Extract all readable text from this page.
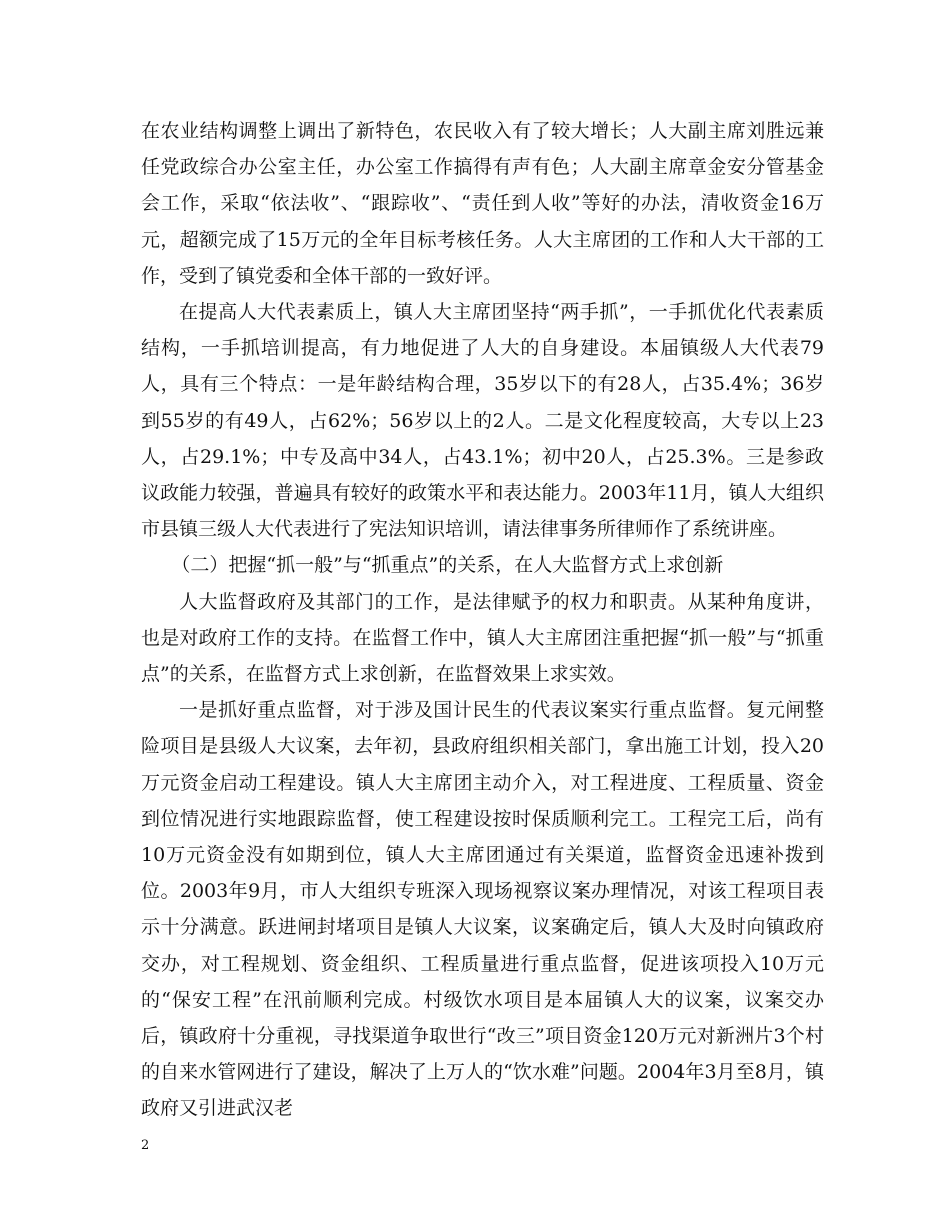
在农业结构调整上调出了新特色，农民收入有了较大增长；人大副主席刘胜远兼任党政综合办公室主任，办公室工作搞得有声有色；人大副主席章金安分管基金会工作，采取“依法收”、“跟踪收”、“责任到人收”等好的办法，清收资金16万元，超额完成了15万元的全年目标考核任务。人大主席团的工作和人大干部的工作，受到了镇党委和全体干部的一致好评。

在提高人大代表素质上，镇人大主席团坚持“两手抓”，一手抓优化代表素质结构，一手抓培训提高，有力地促进了人大的自身建设。本届镇级人大代表79人，具有三个特点：一是年龄结构合理，35岁以下的有28人，占35.4%；36岁到55岁的有49人，占62%；56岁以上的2人。二是文化程度较高，大专以上23人，占29.1%；中专及高中34人，占43.1%；初中20人，占25.3%。三是参政议政能力较强，普遍具有较好的政策水平和表达能力。2003年11月，镇人大组织市县镇三级人大代表进行了宪法知识培训，请法律事务所律师作了系统讲座。

（二）把握“抓一般”与“抓重点”的关系，在人大监督方式上求创新

人大监督政府及其部门的工作，是法律赋予的权力和职责。从某种角度讲，也是对政府工作的支持。在监督工作中，镇人大主席团注重把握“抓一般”与“抓重点”的关系，在监督方式上求创新，在监督效果上求实效。

一是抓好重点监督，对于涉及国计民生的代表议案实行重点监督。复元闸整险项目是县级人大议案，去年初，县政府组织相关部门，拿出施工计划，投入20万元资金启动工程建设。镇人大主席团主动介入，对工程进度、工程质量、资金到位情况进行实地跟踪监督，使工程建设按时保质顺利完工。工程完工后，尚有10万元资金没有如期到位，镇人大主席团通过有关渠道，监督资金迅速补拨到位。2003年9月，市人大组织专班深入现场视察议案办理情况，对该工程项目表示十分满意。跃进闸封堵项目是镇人大议案，议案确定后，镇人大及时向镇政府交办，对工程规划、资金组织、工程质量进行重点监督，促进该项投入10万元的“保安工程”在汛前顺利完成。村级饮水项目是本届镇人大的议案，议案交办后，镇政府十分重视，寻找渠道争取世行“改三”项目资金120万元对新洲片3个村的自来水管网进行了建设，解决了上万人的“饮水难”问题。2004年3月至8月，镇政府又引进武汉老

2
